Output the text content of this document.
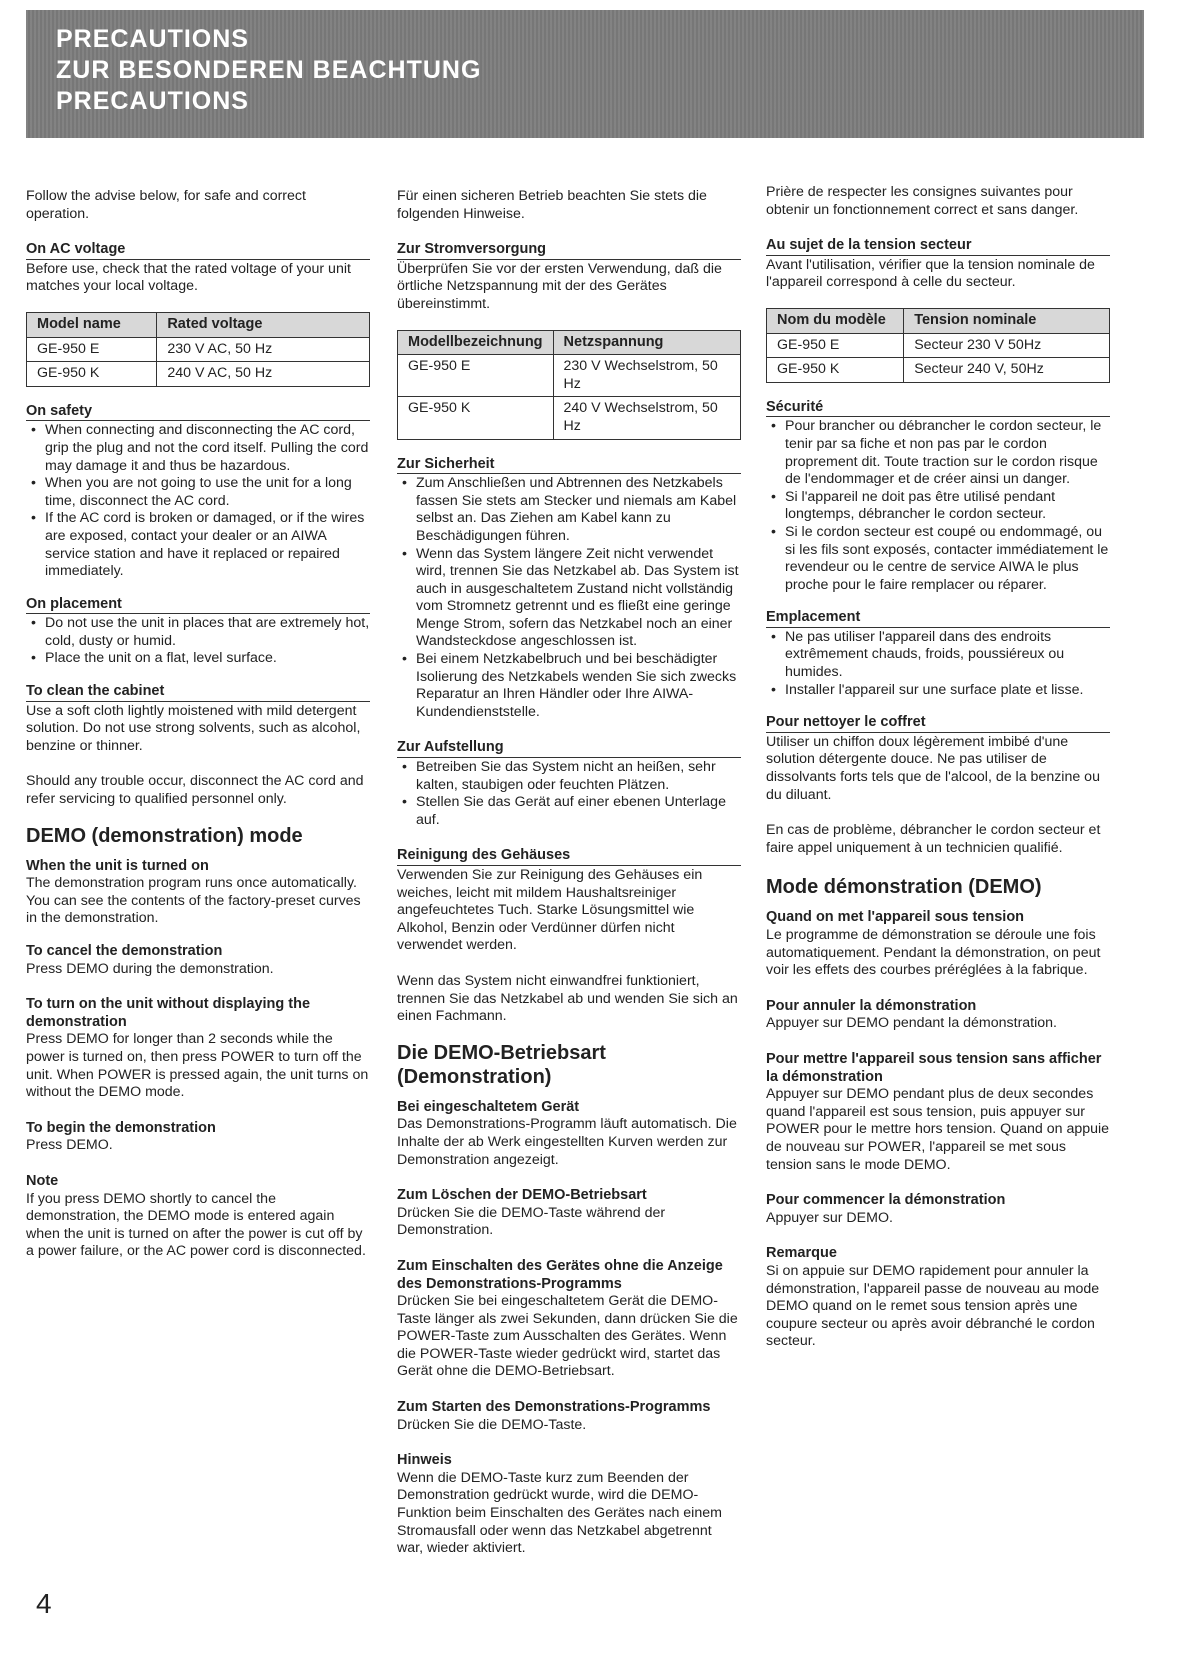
PRECAUTIONS
ZUR BESONDEREN BEACHTUNG
PRECAUTIONS

Follow the advise below, for safe and correct operation.

On AC voltage

Before use, check that the rated voltage of your unit matches your local voltage.

Model name	Rated voltage
GE-950 E	230 V AC, 50 Hz
GE-950 K	240 V AC, 50 Hz
On safety
• When connecting and disconnecting the AC cord, grip the plug and not the cord itself. Pulling the cord may damage it and thus be hazardous.
• When you are not going to use the unit for a long time, disconnect the AC cord.
• If the AC cord is broken or damaged, or if the wires are exposed, contact your dealer or an AIWA service station and have it replaced or repaired immediately.
On placement
• Do not use the unit in places that are extremely hot, cold, dusty or humid.
• Place the unit on a flat, level surface.
To clean the cabinet

Use a soft cloth lightly moistened with mild detergent solution. Do not use strong solvents, such as alcohol, benzine or thinner.

Should any trouble occur, disconnect the AC cord and refer servicing to qualified personnel only.

DEMO (demonstration) mode

When the unit is turned on

The demonstration program runs once automatically. You can see the contents of the factory-preset curves in the demonstration.

To cancel the demonstration

Press DEMO during the demonstration.

To turn on the unit without displaying the demonstration

Press DEMO for longer than 2 seconds while the power is turned on, then press POWER to turn off the unit. When POWER is pressed again, the unit turns on without the DEMO mode.

To begin the demonstration

Press DEMO.

Note

If you press DEMO shortly to cancel the demonstration, the DEMO mode is entered again when the unit is turned on after the power is cut off by a power failure, or the AC power cord is disconnected.

Für einen sicheren Betrieb beachten Sie stets die folgenden Hinweise.

Zur Stromversorgung

Überprüfen Sie vor der ersten Verwendung, daß die örtliche Netzspannung mit der des Gerätes übereinstimmt.

Modellbezeichnung	Netzspannung
GE-950 E	230 V Wechselstrom, 50 Hz
GE-950 K	240 V Wechselstrom, 50 Hz
Zur Sicherheit
• Zum Anschließen und Abtrennen des Netzkabels fassen Sie stets am Stecker und niemals am Kabel selbst an. Das Ziehen am Kabel kann zu Beschädigungen führen.
• Wenn das System längere Zeit nicht verwendet wird, trennen Sie das Netzkabel ab. Das System ist auch in ausgeschaltetem Zustand nicht vollständig vom Stromnetz getrennt und es fließt eine geringe Menge Strom, sofern das Netzkabel noch an einer Wandsteckdose angeschlossen ist.
• Bei einem Netzkabelbruch und bei beschädigter Isolierung des Netzkabels wenden Sie sich zwecks Reparatur an Ihren Händler oder Ihre AIWA-Kundendienststelle.
Zur Aufstellung
• Betreiben Sie das System nicht an heißen, sehr kalten, staubigen oder feuchten Plätzen.
• Stellen Sie das Gerät auf einer ebenen Unterlage auf.
Reinigung des Gehäuses

Verwenden Sie zur Reinigung des Gehäuses ein weiches, leicht mit mildem Haushaltsreiniger angefeuchtetes Tuch. Starke Lösungsmittel wie Alkohol, Benzin oder Verdünner dürfen nicht verwendet werden.

Wenn das System nicht einwandfrei funktioniert, trennen Sie das Netzkabel ab und wenden Sie sich an einen Fachmann.

Die DEMO-Betriebsart (Demonstration)

Bei eingeschaltetem Gerät

Das Demonstrations-Programm läuft automatisch. Die Inhalte der ab Werk eingestellten Kurven werden zur Demonstration angezeigt.

Zum Löschen der DEMO-Betriebsart

Drücken Sie die DEMO-Taste während der Demonstration.

Zum Einschalten des Gerätes ohne die Anzeige des Demonstrations-Programms

Drücken Sie bei eingeschaltetem Gerät die DEMO-Taste länger als zwei Sekunden, dann drücken Sie die POWER-Taste zum Ausschalten des Gerätes. Wenn die POWER-Taste wieder gedrückt wird, startet das Gerät ohne die DEMO-Betriebsart.

Zum Starten des Demonstrations-Programms

Drücken Sie die DEMO-Taste.

Hinweis

Wenn die DEMO-Taste kurz zum Beenden der Demonstration gedrückt wurde, wird die DEMO-Funktion beim Einschalten des Gerätes nach einem Stromausfall oder wenn das Netzkabel abgetrennt war, wieder aktiviert.

Prière de respecter les consignes suivantes pour obtenir un fonctionnement correct et sans danger.

Au sujet de la tension secteur

Avant l'utilisation, vérifier que la tension nominale de l'appareil correspond à celle du secteur.

Nom du modèle	Tension nominale
GE-950 E	Secteur 230 V 50Hz
GE-950 K	Secteur 240 V, 50Hz
Sécurité
• Pour brancher ou débrancher le cordon secteur, le tenir par sa fiche et non pas par le cordon proprement dit. Toute traction sur le cordon risque de l'endommager et de créer ainsi un danger.
• Si l'appareil ne doit pas être utilisé pendant longtemps, débrancher le cordon secteur.
• Si le cordon secteur est coupé ou endommagé, ou si les fils sont exposés, contacter immédiatement le revendeur ou le centre de service AIWA le plus proche pour le faire remplacer ou réparer.
Emplacement
• Ne pas utiliser l'appareil dans des endroits extrêmement chauds, froids, poussiéreux ou humides.
• Installer l'appareil sur une surface plate et lisse.
Pour nettoyer le coffret

Utiliser un chiffon doux légèrement imbibé d'une solution détergente douce. Ne pas utiliser de dissolvants forts tels que de l'alcool, de la benzine ou du diluant.

En cas de problème, débrancher le cordon secteur et faire appel uniquement à un technicien qualifié.

Mode démonstration (DEMO)

Quand on met l'appareil sous tension

Le programme de démonstration se déroule une fois automatiquement. Pendant la démonstration, on peut voir les effets des courbes préréglées à la fabrique.

Pour annuler la démonstration

Appuyer sur DEMO pendant la démonstration.

Pour mettre l'appareil sous tension sans afficher la démonstration

Appuyer sur DEMO pendant plus de deux secondes quand l'appareil est sous tension, puis appuyer sur POWER pour le mettre hors tension. Quand on appuie de nouveau sur POWER, l'appareil se met sous tension sans le mode DEMO.

Pour commencer la démonstration

Appuyer sur DEMO.

Remarque

Si on appuie sur DEMO rapidement pour annuler la démonstration, l'appareil passe de nouveau au mode DEMO quand on le remet sous tension après une coupure secteur ou après avoir débranché le cordon secteur.

4
